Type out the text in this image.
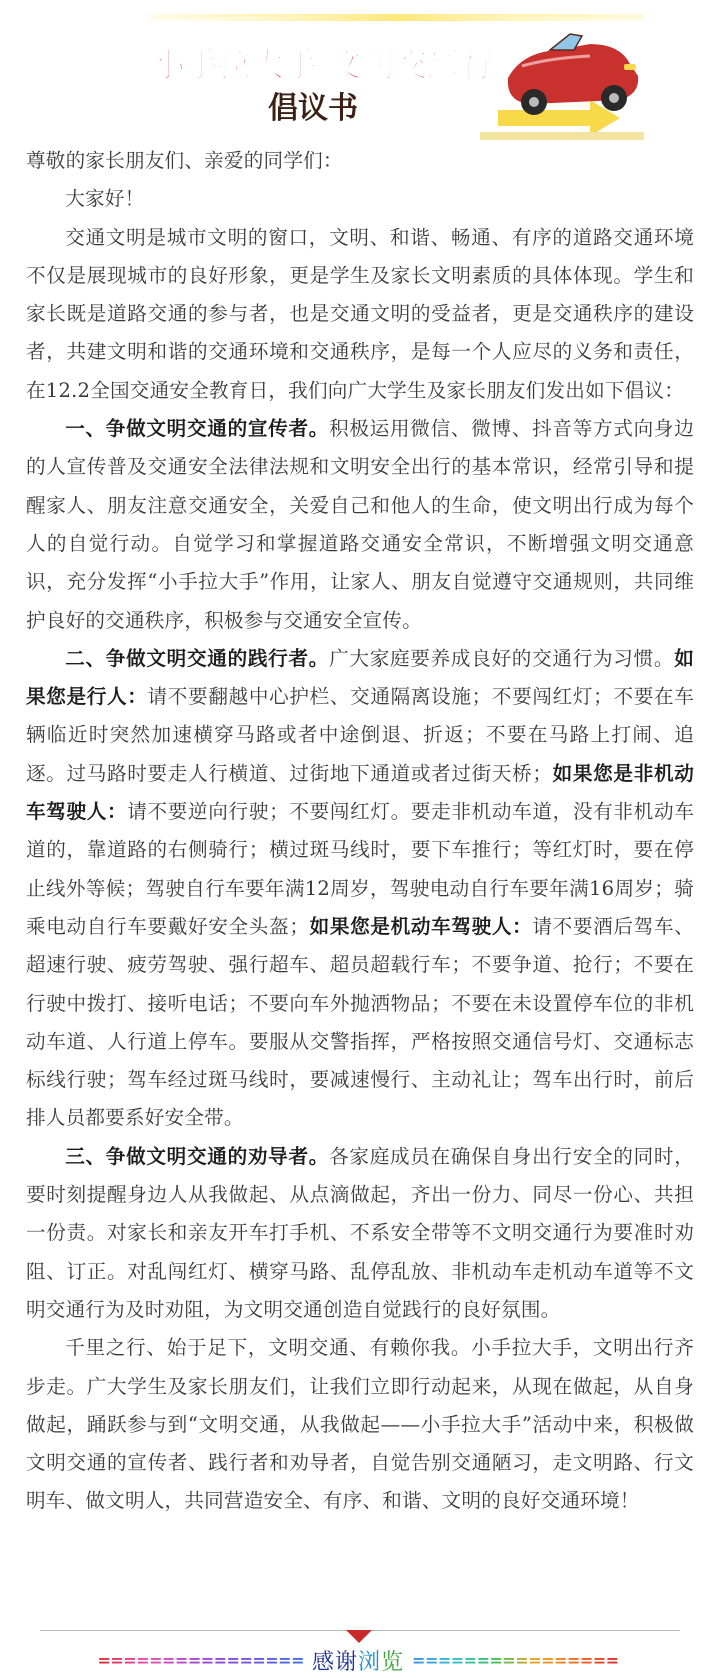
小手拉大手 文明交通行
倡议书

尊敬的家长朋友们、亲爱的同学们：

大家好！

交通文明是城市文明的窗口，文明、和谐、畅通、有序的道路交通环境不仅是展现城市的良好形象，更是学生及家长文明素质的具体体现。学生和家长既是道路交通的参与者，也是交通文明的受益者，更是交通秩序的建设者，共建文明和谐的交通环境和交通秩序，是每一个人应尽的义务和责任，在12.2全国交通安全教育日，我们向广大学生及家长朋友们发出如下倡议：

一、争做文明交通的宣传者。积极运用微信、微博、抖音等方式向身边的人宣传普及交通安全法律法规和文明安全出行的基本常识，经常引导和提醒家人、朋友注意交通安全，关爱自己和他人的生命，使文明出行成为每个人的自觉行动。自觉学习和掌握道路交通安全常识，不断增强文明交通意识，充分发挥“小手拉大手”作用，让家人、朋友自觉遵守交通规则，共同维护良好的交通秩序，积极参与交通安全宣传。

二、争做文明交通的践行者。广大家庭要养成良好的交通行为习惯。如果您是行人：请不要翻越中心护栏、交通隔离设施；不要闯红灯；不要在车辆临近时突然加速横穿马路或者中途倒退、折返；不要在马路上打闹、追逐。过马路时要走人行横道、过街地下通道或者过街天桥；如果您是非机动车驾驶人：请不要逆向行驶；不要闯红灯。要走非机动车道，没有非机动车道的，靠道路的右侧骑行；横过斑马线时，要下车推行；等红灯时，要在停止线外等候；驾驶自行车要年满12周岁，驾驶电动自行车要年满16周岁；骑乘电动自行车要戴好安全头盔；如果您是机动车驾驶人：请不要酒后驾车、超速行驶、疲劳驾驶、强行超车、超员超载行车；不要争道、抢行；不要在行驶中拨打、接听电话；不要向车外抛洒物品；不要在未设置停车位的非机动车道、人行道上停车。要服从交警指挥，严格按照交通信号灯、交通标志标线行驶；驾车经过斑马线时，要减速慢行、主动礼让；驾车出行时，前后排人员都要系好安全带。

三、争做文明交通的劝导者。各家庭成员在确保自身出行安全的同时，要时刻提醒身边人从我做起、从点滴做起，齐出一份力、同尽一份心、共担一份责。对家长和亲友开车打手机、不系安全带等不文明交通行为要准时劝阻、订正。对乱闯红灯、横穿马路、乱停乱放、非机动车走机动车道等不文明交通行为及时劝阻，为文明交通创造自觉践行的良好氛围。

千里之行、始于足下，文明交通、有赖你我。小手拉大手，文明出行齐步走。广大学生及家长朋友们，让我们立即行动起来，从现在做起，从自身做起，踊跃参与到“文明交通，从我做起——小手拉大手”活动中来，积极做文明交通的宣传者、践行者和劝导者，自觉告别交通陋习，走文明路、行文明车、做文明人，共同营造安全、有序、和谐、文明的良好交通环境！

================ 感谢浏览 ================
